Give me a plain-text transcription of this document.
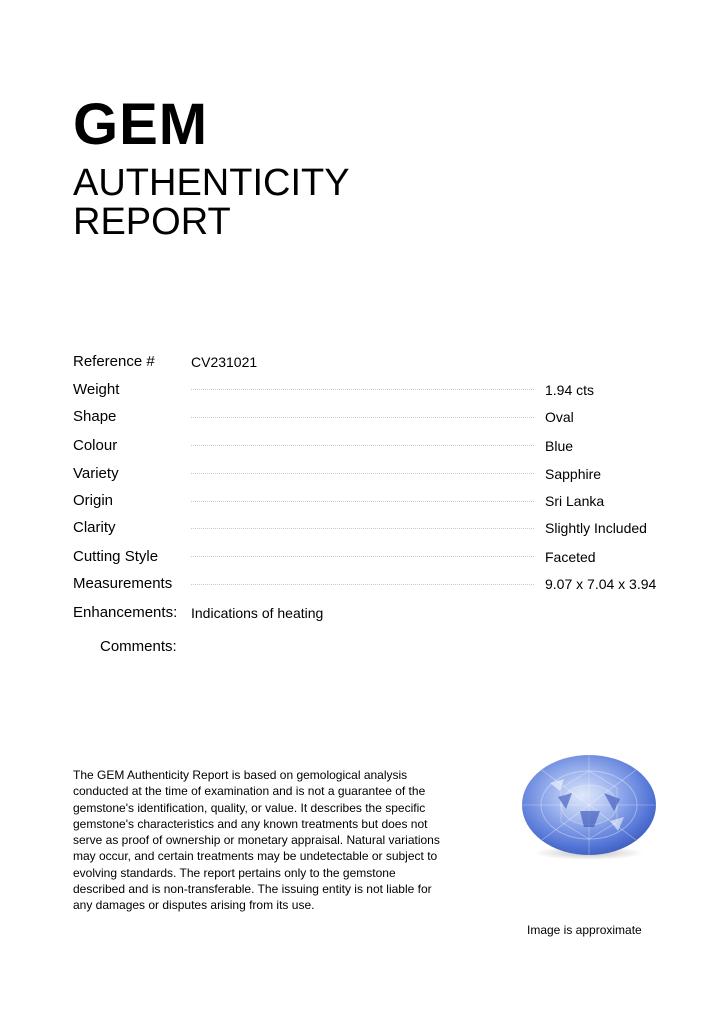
GEM
AUTHENTICITY
REPORT
Reference #	CV231021
Weight	1.94 cts
Shape	Oval
Colour	Blue
Variety	Sapphire
Origin	Sri Lanka
Clarity	Slightly Included
Cutting Style	Faceted
Measurements	9.07 x 7.04 x 3.94
Enhancements: Indications of heating
Comments:
The GEM Authenticity Report is based on gemological analysis conducted at the time of examination and is not a guarantee of the gemstone's identification, quality, or value. It describes the specific gemstone's characteristics and any known treatments but does not serve as proof of ownership or monetary appraisal. Natural variations may occur, and certain treatments may be undetectable or subject to evolving standards. The report pertains only to the gemstone described and is non-transferable. The issuing entity is not liable for any damages or disputes arising from its use.
Image is approximate
